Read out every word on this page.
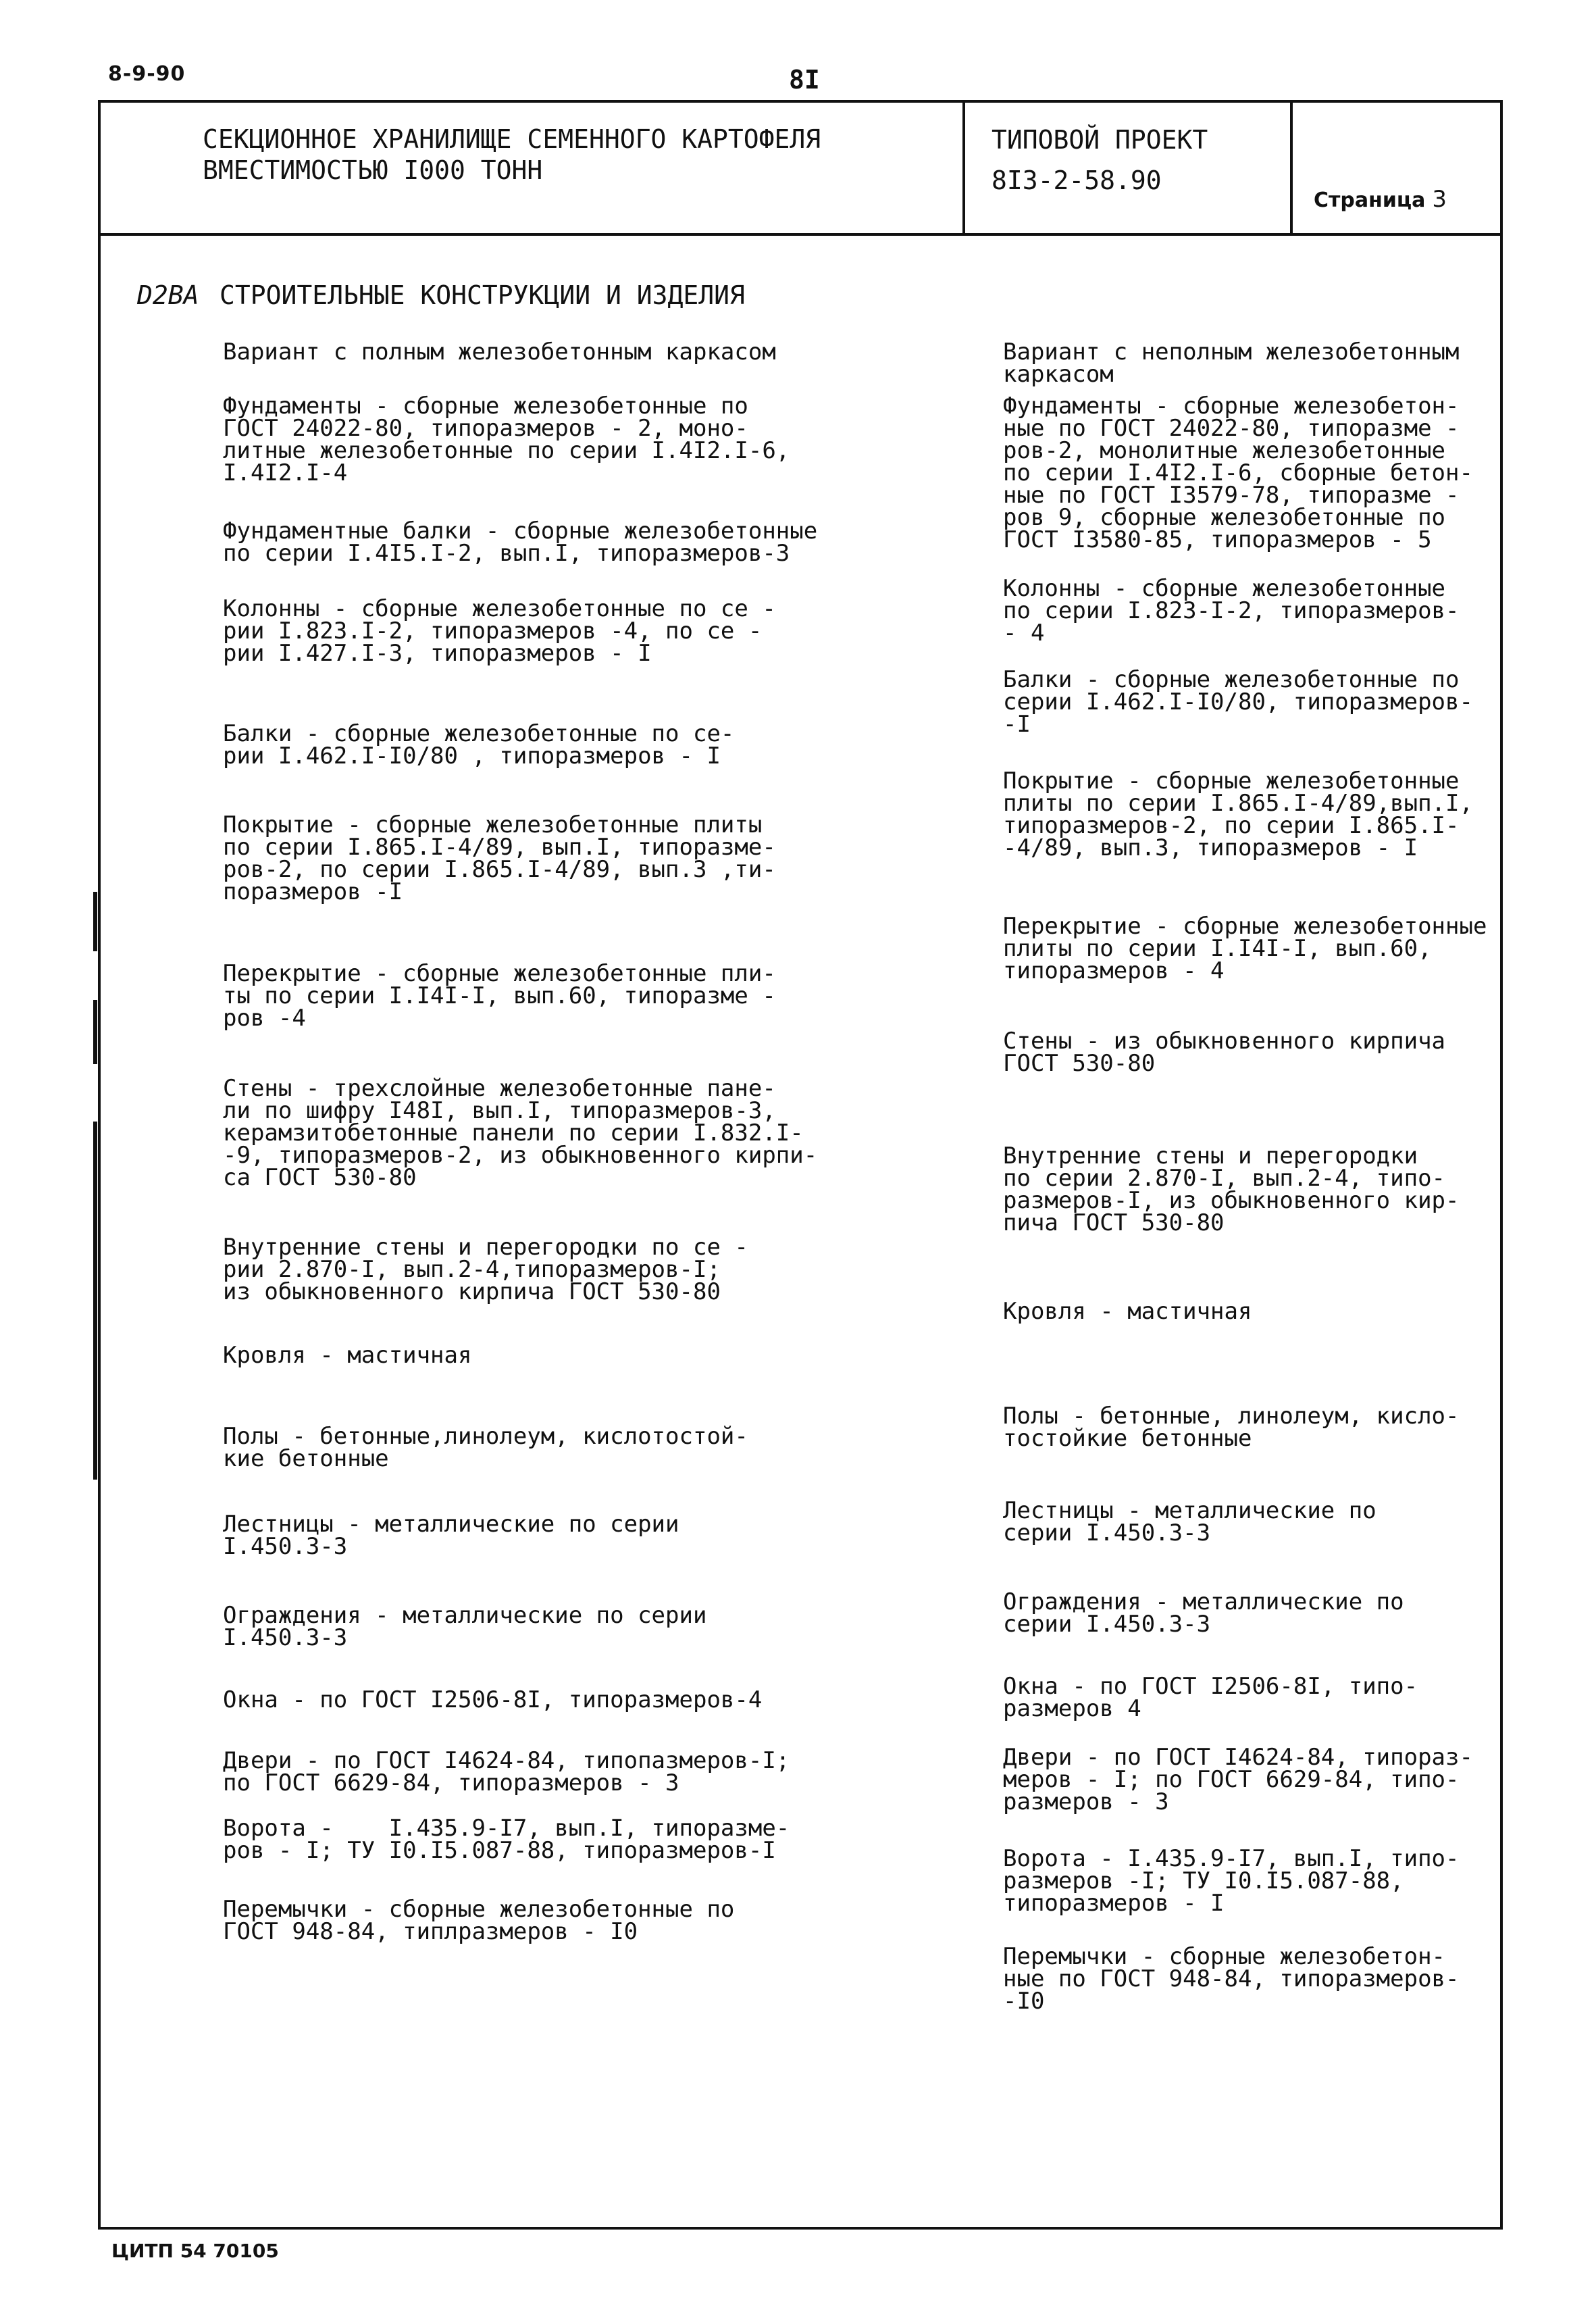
8-9-90	8I
СЕКЦИОННОЕ ХРАНИЛИЩЕ СЕМЕННОГО КАРТОФЕЛЯ
ВМЕСТИМОСТЬЮ I000 ТОНН
ТИПОВОЙ ПРОЕКТ
8I3-2-58.90
Страница 3
D2BA СТРОИТЕЛЬНЫЕ КОНСТРУКЦИИ И ИЗДЕЛИЯ
Вариант с полным железобетонным каркасом
Фундаменты - сборные железобетонные по
ГОСТ 24022-80, типоразмеров - 2, моно-
литные железобетонные по серии I.4I2.I-6,
I.4I2.I-4
Фундаментные балки - сборные железобетонные
по серии I.4I5.I-2, вып.I, типоразмеров-3
Колонны - сборные железобетонные по се -
рии I.823.I-2, типоразмеров -4, по се -
рии I.427.I-3, типоразмеров - I
Балки - сборные железобетонные по се-
рии I.462.I-I0/80 , типоразмеров - I
Покрытие - сборные железобетонные плиты
по серии I.865.I-4/89, вып.I, типоразме-
ров-2, по серии I.865.I-4/89, вып.3 ,ти-
поразмеров -I
Перекрытие - сборные железобетонные пли-
ты по серии I.I4I-I, вып.60, типоразме -
ров -4
Стены - трехслойные железобетонные пане-
ли по шифру I48I, вып.I, типоразмеров-3,
керамзитобетонные панели по серии I.832.I-
-9, типоразмеров-2, из обыкновенного кирпи-
са ГОСТ 530-80
Внутренние стены и перегородки по се -
рии 2.870-I, вып.2-4,типоразмеров-I;
из обыкновенного кирпича ГОСТ 530-80
Кровля - мастичная
Полы - бетонные,линолеум, кислотостой-
кие бетонные
Лестницы - металлические по серии
I.450.3-3
Ограждения - металлические по серии
I.450.3-3
Окна - по ГОСТ I2506-8I, типоразмеров-4
Двери - по ГОСТ I4624-84, типопазмеров-I;
по ГОСТ 6629-84, типоразмеров - 3
Ворота -    I.435.9-I7, вып.I, типоразме-
ров - I; ТУ I0.I5.087-88, типоразмеров-I
Перемычки - сборные железобетонные по
ГОСТ 948-84, типлразмеров - I0
Вариант с неполным железобетонным
каркасом
Фундаменты - сборные железобетон-
ные по ГОСТ 24022-80, типоразме -
ров-2, монолитные железобетонные
по серии I.4I2.I-6, сборные бетон-
ные по ГОСТ I3579-78, типоразме -
ров 9, сборные железобетонные по
ГОСТ I3580-85, типоразмеров - 5
Колонны - сборные железобетонные
по серии I.823-I-2, типоразмеров-
- 4
Балки - сборные железобетонные по
серии I.462.I-I0/80, типоразмеров-
-I
Покрытие - сборные железобетонные
плиты по серии I.865.I-4/89,вып.I,
типоразмеров-2, по серии I.865.I-
-4/89, вып.3, типоразмеров - I
Перекрытие - сборные железобетонные
плиты по серии I.I4I-I, вып.60,
типоразмеров - 4
Стены - из обыкновенного кирпича
ГОСТ 530-80
Внутренние стены и перегородки
по серии 2.870-I, вып.2-4, типо-
размеров-I, из обыкновенного кир-
пича ГОСТ 530-80
Кровля - мастичная
Полы - бетонные, линолеум, кисло-
тостойкие бетонные
Лестницы - металлические по
серии I.450.3-3
Ограждения - металлические по
серии I.450.3-3
Окна - по ГОСТ I2506-8I, типо-
размеров 4
Двери - по ГОСТ I4624-84, типораз-
меров - I; по ГОСТ 6629-84, типо-
размеров - 3
Ворота - I.435.9-I7, вып.I, типо-
размеров -I; ТУ I0.I5.087-88,
типоразмеров - I
Перемычки - сборные железобетон-
ные по ГОСТ 948-84, типоразмеров-
-I0
ЦИТП 54 70105
